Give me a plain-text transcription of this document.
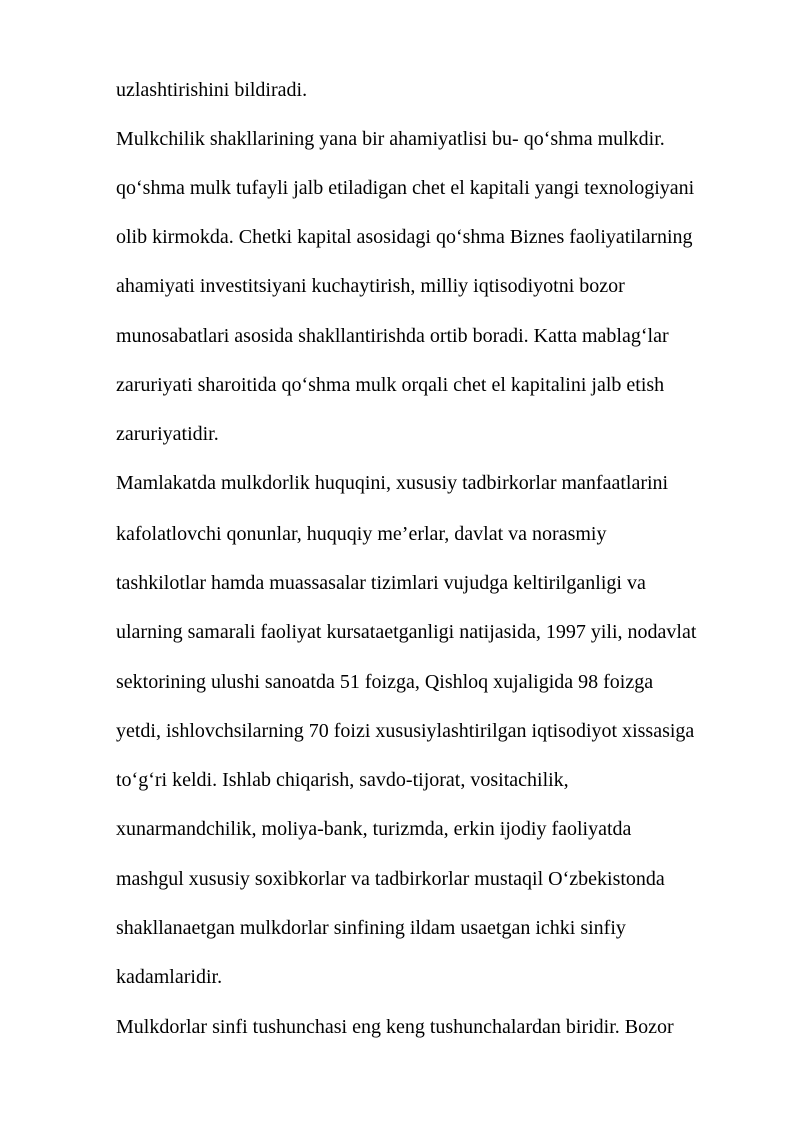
uzlashtirishini bildiradi.
Mulkchilik shakllarining yana bir ahamiyatlisi bu- qo‘shma mulkdir.
qo‘shma mulk tufayli jalb etiladigan chet el kapitali yangi texnologiyani
olib kirmokda. Chetki kapital asosidagi qo‘shma Biznes faoliyatilarning
ahamiyati investitsiyani kuchaytirish, milliy iqtisodiyotni bozor
munosabatlari asosida shakllantirishda ortib boradi. Katta mablag‘lar
zaruriyati sharoitida qo‘shma mulk orqali chet el kapitalini jalb etish
zaruriyatidir.
Mamlakatda mulkdorlik huquqini, xususiy tadbirkorlar manfaatlarini
kafolatlovchi qonunlar, huquqiy me’erlar, davlat va norasmiy
tashkilotlar hamda muassasalar tizimlari vujudga keltirilganligi va
ularning samarali faoliyat kursataetganligi natijasida, 1997 yili, nodavlat
sektorining ulushi sanoatda 51 foizga, Qishloq xujaligida 98 foizga
yetdi, ishlovchsilarning 70 foizi xususiylashtirilgan iqtisodiyot xissasiga
to‘g‘ri keldi. Ishlab chiqarish, savdo-tijorat, vositachilik,
xunarmandchilik, moliya-bank, turizmda, erkin ijodiy faoliyatda
mashgul xususiy soxibkorlar va tadbirkorlar mustaqil O‘zbekistonda
shakllanaetgan mulkdorlar sinfining ildam usaetgan ichki sinfiy
kadamlaridir.
Mulkdorlar sinfi tushunchasi eng keng tushunchalardan biridir. Bozor
